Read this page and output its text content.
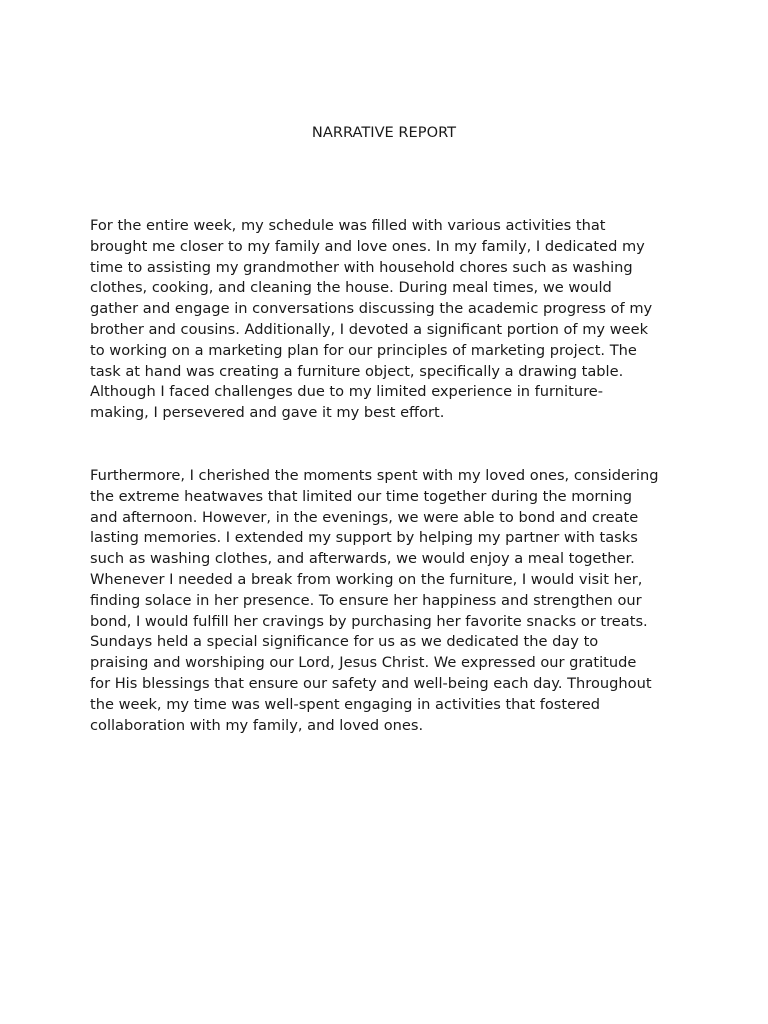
NARRATIVE REPORT

For the entire week, my schedule was filled with various activities that
brought me closer to my family and love ones. In my family, I dedicated my
time to assisting my grandmother with household chores such as washing
clothes, cooking, and cleaning the house. During meal times, we would
gather and engage in conversations discussing the academic progress of my
brother and cousins. Additionally, I devoted a significant portion of my week
to working on a marketing plan for our principles of marketing project. The
task at hand was creating a furniture object, specifically a drawing table.
Although I faced challenges due to my limited experience in furniture-
making, I persevered and gave it my best effort.

Furthermore, I cherished the moments spent with my loved ones, considering
the extreme heatwaves that limited our time together during the morning
and afternoon. However, in the evenings, we were able to bond and create
lasting memories. I extended my support by helping my partner with tasks
such as washing clothes, and afterwards, we would enjoy a meal together.
Whenever I needed a break from working on the furniture, I would visit her,
finding solace in her presence. To ensure her happiness and strengthen our
bond, I would fulfill her cravings by purchasing her favorite snacks or treats.
Sundays held a special significance for us as we dedicated the day to
praising and worshiping our Lord, Jesus Christ. We expressed our gratitude
for His blessings that ensure our safety and well-being each day. Throughout
the week, my time was well-spent engaging in activities that fostered
collaboration with my family, and loved ones.
